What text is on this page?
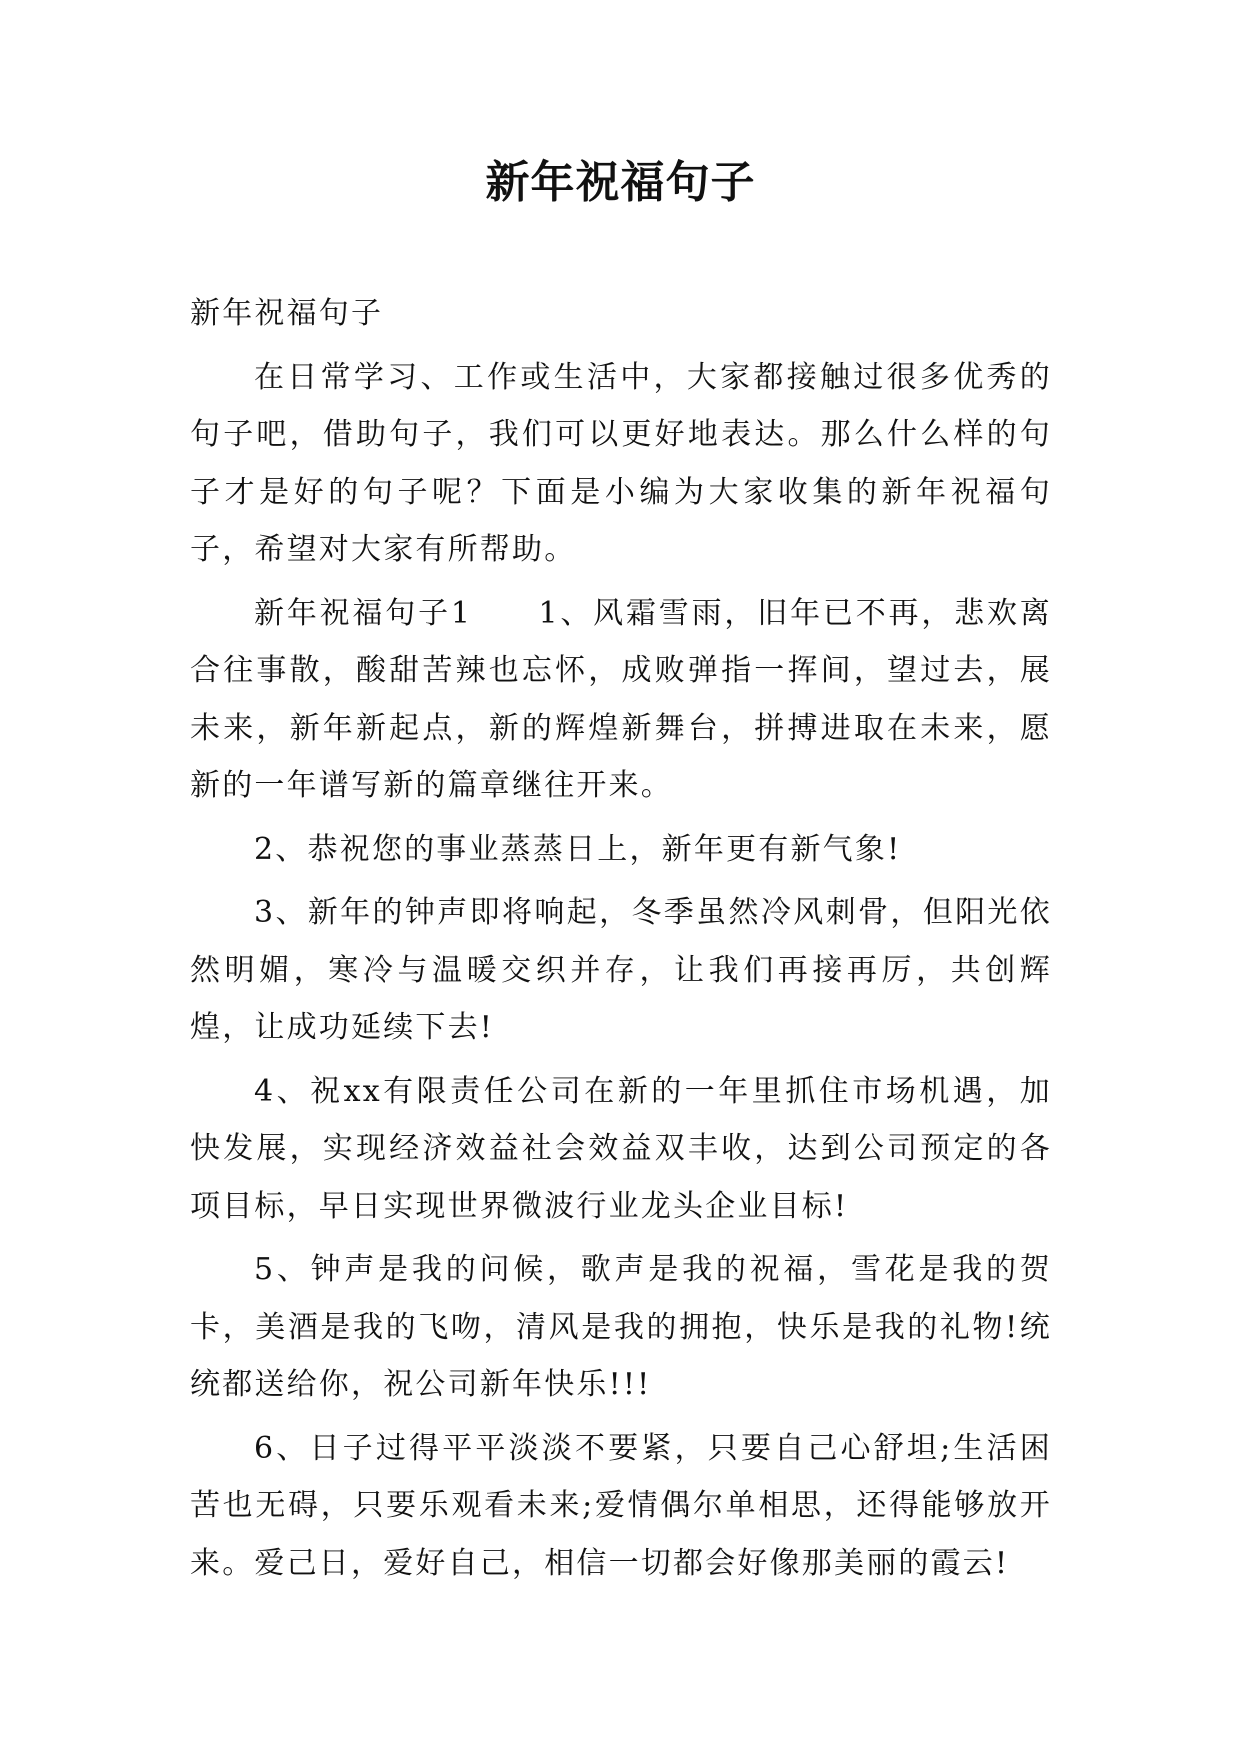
新年祝福句子

新年祝福句子

在日常学习、工作或生活中，大家都接触过很多优秀的句子吧，借助句子，我们可以更好地表达。那么什么样的句子才是好的句子呢？下面是小编为大家收集的新年祝福句子，希望对大家有所帮助。

新年祝福句子1　　1、风霜雪雨，旧年已不再，悲欢离合往事散，酸甜苦辣也忘怀，成败弹指一挥间，望过去，展未来，新年新起点，新的辉煌新舞台，拼搏进取在未来，愿新的一年谱写新的篇章继往开来。

2、恭祝您的事业蒸蒸日上，新年更有新气象!

3、新年的钟声即将响起，冬季虽然冷风刺骨，但阳光依然明媚，寒冷与温暖交织并存，让我们再接再厉，共创辉煌，让成功延续下去!

4、祝xx有限责任公司在新的一年里抓住市场机遇，加快发展，实现经济效益社会效益双丰收，达到公司预定的各项目标，早日实现世界微波行业龙头企业目标!

5、钟声是我的问候，歌声是我的祝福，雪花是我的贺卡，美酒是我的飞吻，清风是我的拥抱，快乐是我的礼物!统统都送给你，祝公司新年快乐!!!

6、日子过得平平淡淡不要紧，只要自己心舒坦;生活困苦也无碍，只要乐观看未来;爱情偶尔单相思，还得能够放开来。爱己日，爱好自己，相信一切都会好像那美丽的霞云!
